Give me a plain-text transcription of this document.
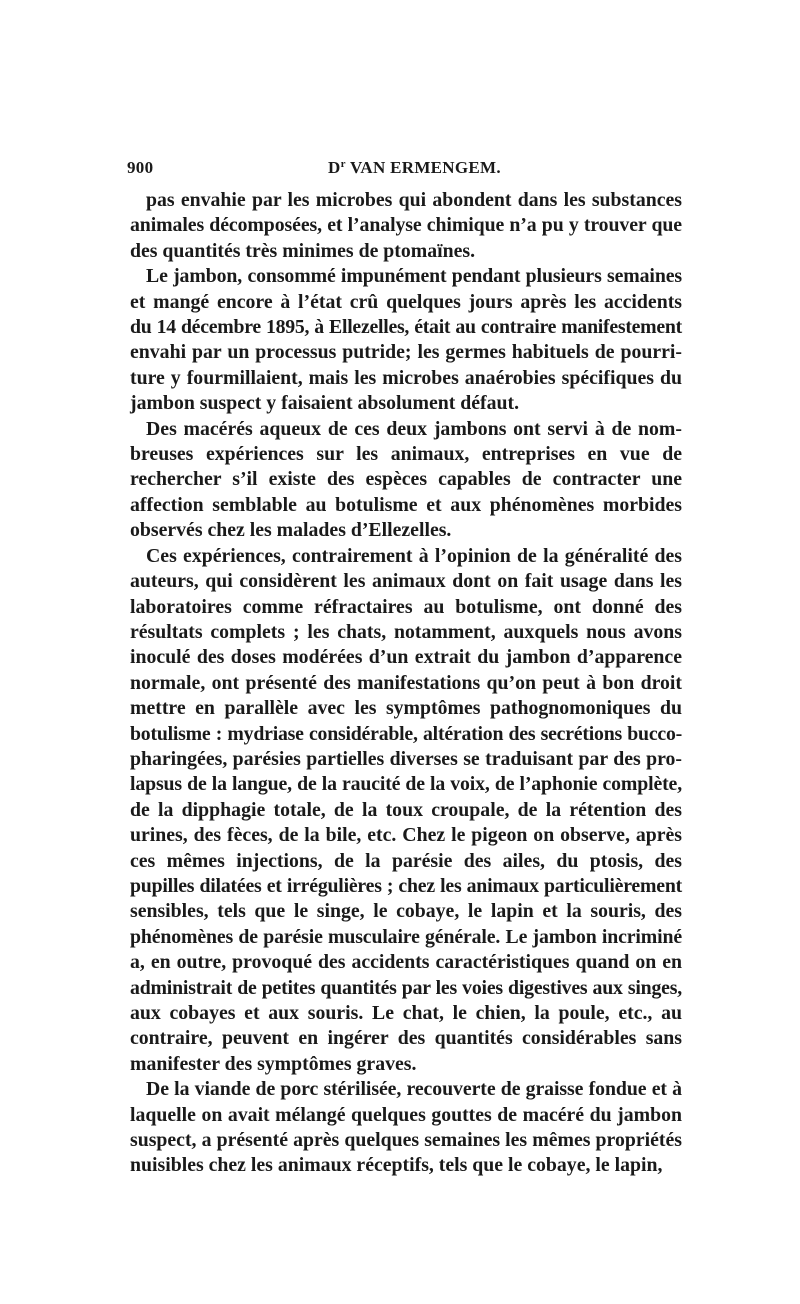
900	$D^r$ VAN ERMENGEM.
pas envahie par les microbes qui abondent dans les substances
animales décomposées, et l’analyse chimique n’a pu y trouver que
des quantités très minimes de ptomaïnes.
Le jambon, consommé impunément pendant plusieurs semaines
et mangé encore à l’état crû quelques jours après les accidents
du 14 décembre 1895, à Ellezelles, était au contraire manifestement
envahi par un processus putride; les germes habituels de pourri-
ture y fourmillaient, mais les microbes anaérobies spécifiques du
jambon suspect y faisaient absolument défaut.
Des macérés aqueux de ces deux jambons ont servi à de nom-
breuses expériences sur les animaux, entreprises en vue de
rechercher s’il existe des espèces capables de contracter une
affection semblable au botulisme et aux phénomènes morbides
observés chez les malades d’Ellezelles.
Ces expériences, contrairement à l’opinion de la généralité des
auteurs, qui considèrent les animaux dont on fait usage dans les
laboratoires comme réfractaires au botulisme, ont donné des
résultats complets ; les chats, notamment, auxquels nous avons
inoculé des doses modérées d’un extrait du jambon d’apparence
normale, ont présenté des manifestations qu’on peut à bon droit
mettre en parallèle avec les symptômes pathognomoniques du
botulisme : mydriase considérable, altération des secrétions bucco-
pharingées, parésies partielles diverses se traduisant par des pro-
lapsus de la langue, de la raucité de la voix, de l’aphonie complète,
de la dipphagie totale, de la toux croupale, de la rétention des
urines, des fèces, de la bile, etc. Chez le pigeon on observe, après
ces mêmes injections, de la parésie des ailes, du ptosis, des
pupilles dilatées et irrégulières ; chez les animaux particulièrement
sensibles, tels que le singe, le cobaye, le lapin et la souris, des
phénomènes de parésie musculaire générale. Le jambon incriminé
a, en outre, provoqué des accidents caractéristiques quand on en
administrait de petites quantités par les voies digestives aux singes,
aux cobayes et aux souris. Le chat, le chien, la poule, etc., au
contraire, peuvent en ingérer des quantités considérables sans
manifester des symptômes graves.
De la viande de porc stérilisée, recouverte de graisse fondue et à
laquelle on avait mélangé quelques gouttes de macéré du jambon
suspect, a présenté après quelques semaines les mêmes propriétés
nuisibles chez les animaux réceptifs, tels que le cobaye, le lapin,
